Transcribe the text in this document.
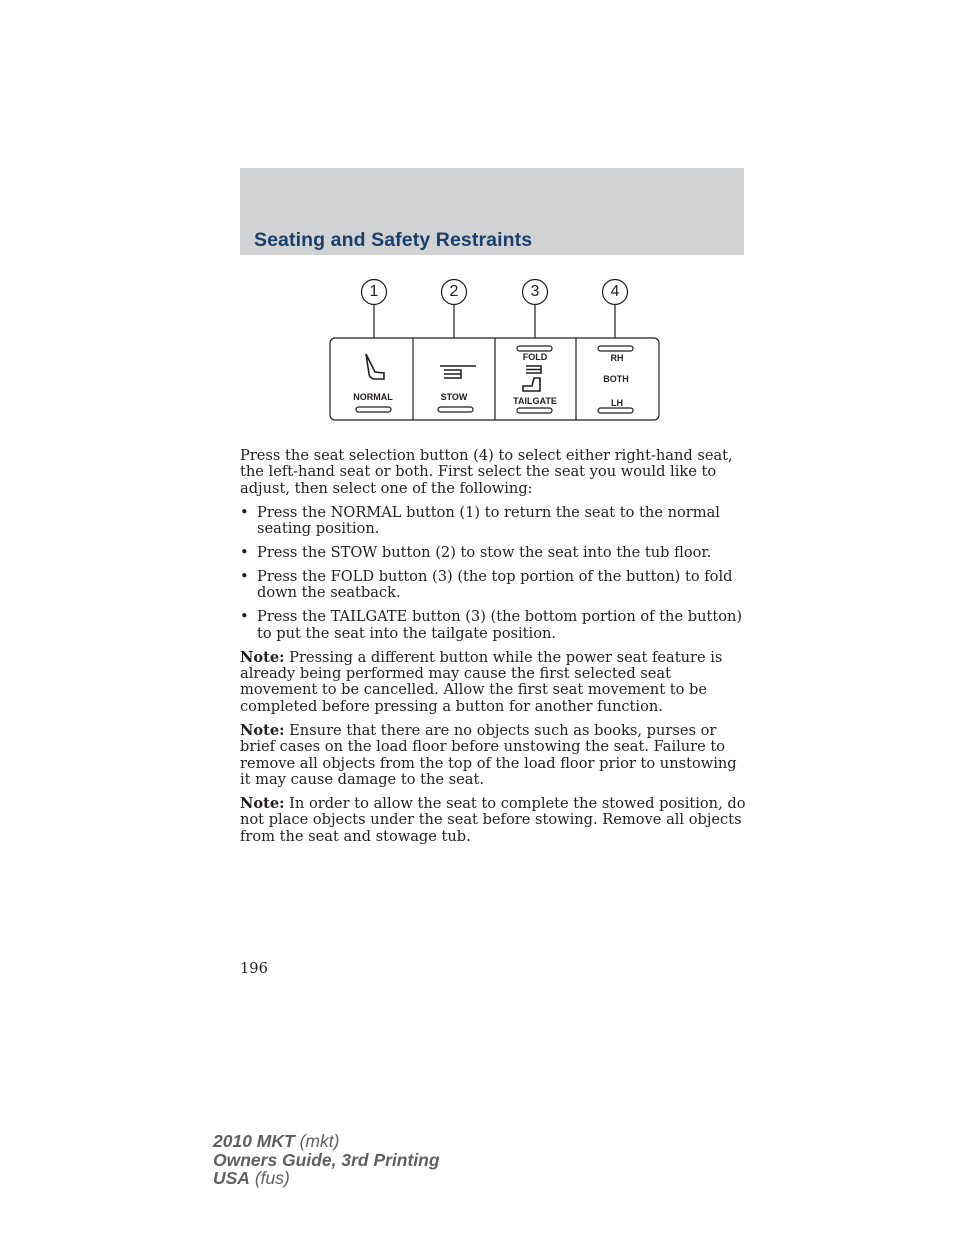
Seating and Safety Restraints
1	2	3	4
NORMAL	STOW
FOLD
TAILGATE
RH
BOTH
LH

Press the seat selection button (4) to select either right-hand seat, the left-hand seat or both. First select the seat you would like to adjust, then select one of the following:

• Press the NORMAL button (1) to return the seat to the normal seating position.
• Press the STOW button (2) to stow the seat into the tub floor.
• Press the FOLD button (3) (the top portion of the button) to fold down the seatback.
• Press the TAILGATE button (3) (the bottom portion of the button) to put the seat into the tailgate position.

Note: Pressing a different button while the power seat feature is already being performed may cause the first selected seat movement to be cancelled. Allow the first seat movement to be completed before pressing a button for another function.

Note: Ensure that there are no objects such as books, purses or brief cases on the load floor before unstowing the seat. Failure to remove all objects from the top of the load floor prior to unstowing it may cause damage to the seat.

Note: In order to allow the seat to complete the stowed position, do not place objects under the seat before stowing. Remove all objects from the seat and stowage tub.

196
2010 MKT (mkt)
Owners Guide, 3rd Printing
USA (fus)
